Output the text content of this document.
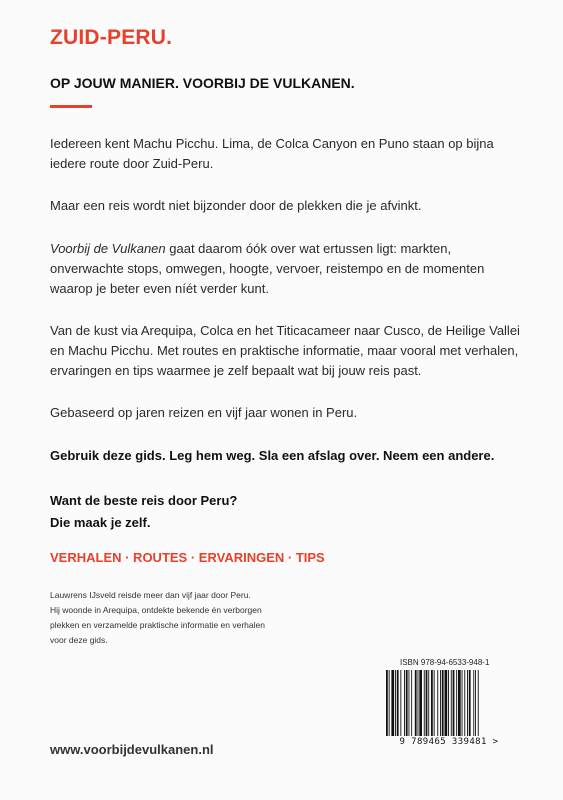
ZUID-PERU.
OP JOUW MANIER. VOORBIJ DE VULKANEN.
Iedereen kent Machu Picchu. Lima, de Colca Canyon en Puno staan op bijna iedere route door Zuid-Peru.
Maar een reis wordt niet bijzonder door de plekken die je afvinkt.
Voorbij de Vulkanen gaat daarom óók over wat ertussen ligt: markten, onverwachte stops, omwegen, hoogte, vervoer, reistempo en de momenten waarop je beter even níét verder kunt.
Van de kust via Arequipa, Colca en het Titicacameer naar Cusco, de Heilige Vallei en Machu Picchu. Met routes en praktische informatie, maar vooral met verhalen, ervaringen en tips waarmee je zelf bepaalt wat bij jouw reis past.
Gebaseerd op jaren reizen en vijf jaar wonen in Peru.
Gebruik deze gids. Leg hem weg. Sla een afslag over. Neem een andere.
Want de beste reis door Peru?
Die maak je zelf.
VERHALEN · ROUTES · ERVARINGEN · TIPS
Lauwrens IJsveld reisde meer dan vijf jaar door Peru.
Hij woonde in Arequipa, ontdekte bekende én verborgen
plekken en verzamelde praktische informatie en verhalen
voor deze gids.
ISBN 978-94-6533-948-1
9 789465 339481 >
www.voorbijdevulkanen.nl
